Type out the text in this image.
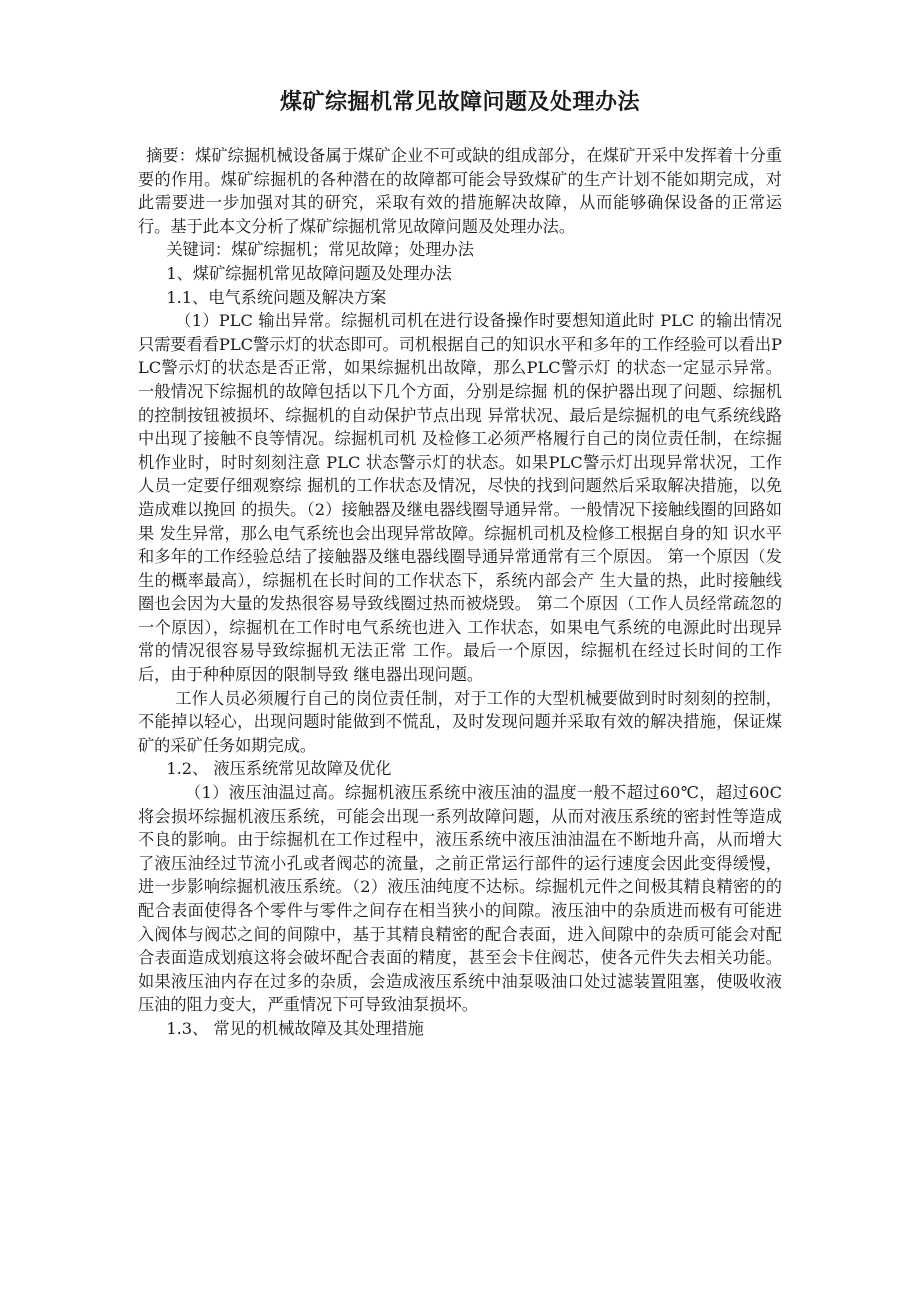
煤矿综掘机常见故障问题及处理办法

摘要：煤矿综掘机械设备属于煤矿企业不可或缺的组成部分，在煤矿开采中发挥着十分重要的作用。煤矿综掘机的各种潜在的故障都可能会导致煤矿的生产计划不能如期完成，对此需要进一步加强对其的研究，采取有效的措施解决故障，从而能够确保设备的正常运行。基于此本文分析了煤矿综掘机常见故障问题及处理办法。

关键词：煤矿综掘机；常见故障；处理办法

1、煤矿综掘机常见故障问题及处理办法

1.1、电气系统问题及解决方案

（1）PLC 输出异常。综掘机司机在进行设备操作时要想知道此时 PLC 的输出情况只需要看看PLC警示灯的状态即可。司机根据自己的知识水平和多年的工作经验可以看出PLC警示灯的状态是否正常，如果综掘机出故障，那么PLC警示灯 的状态一定显示异常。一般情况下综掘机的故障包括以下几个方面，分别是综掘 机的保护器出现了问题、综掘机的控制按钮被损坏、综掘机的自动保护节点出现 异常状况、最后是综掘机的电气系统线路中出现了接触不良等情况。综掘机司机 及检修工必须严格履行自己的岗位责任制，在综掘机作业时，时时刻刻注意 PLC 状态警示灯的状态。如果PLC警示灯出现异常状况，工作人员一定要仔细观察综 掘机的工作状态及情况，尽快的找到问题然后采取解决措施，以免造成难以挽回 的损失。（2）接触器及继电器线圈导通异常。一般情况下接触线圈的回路如果 发生异常，那么电气系统也会出现异常故障。综掘机司机及检修工根据自身的知 识水平和多年的工作经验总结了接触器及继电器线圈导通异常通常有三个原因。 第一个原因（发生的概率最高），综掘机在长时间的工作状态下，系统内部会产 生大量的热，此时接触线圈也会因为大量的发热很容易导致线圈过热而被烧毁。 第二个原因（工作人员经常疏忽的一个原因），综掘机在工作时电气系统也进入 工作状态，如果电气系统的电源此时出现异常的情况很容易导致综掘机无法正常 工作。最后一个原因，综掘机在经过长时间的工作后，由于种种原因的限制导致 继电器出现问题。

工作人员必须履行自己的岗位责任制，对于工作的大型机械要做到时时刻刻的控制，不能掉以轻心，出现问题时能做到不慌乱，及时发现问题并采取有效的解决措施，保证煤矿的采矿任务如期完成。

1.2、 液压系统常见故障及优化

（1）液压油温过高。综掘机液压系统中液压油的温度一般不超过60℃，超过60C将会损坏综掘机液压系统，可能会出现一系列故障问题，从而对液压系统的密封性等造成不良的影响。由于综掘机在工作过程中，液压系统中液压油油温在不断地升高，从而增大了液压油经过节流小孔或者阀芯的流量，之前正常运行部件的运行速度会因此变得缓慢，进一步影响综掘机液压系统。（2）液压油纯度不达标。综掘机元件之间极其精良精密的的配合表面使得各个零件与零件之间存在相当狭小的间隙。液压油中的杂质进而极有可能进入阀体与阀芯之间的间隙中，基于其精良精密的配合表面，进入间隙中的杂质可能会对配合表面造成划痕这将会破坏配合表面的精度，甚至会卡住阀芯，使各元件失去相关功能。如果液压油内存在过多的杂质，会造成液压系统中油泵吸油口处过滤装置阻塞，使吸收液压油的阻力变大，严重情况下可导致油泵损坏。

1.3、 常见的机械故障及其处理措施
